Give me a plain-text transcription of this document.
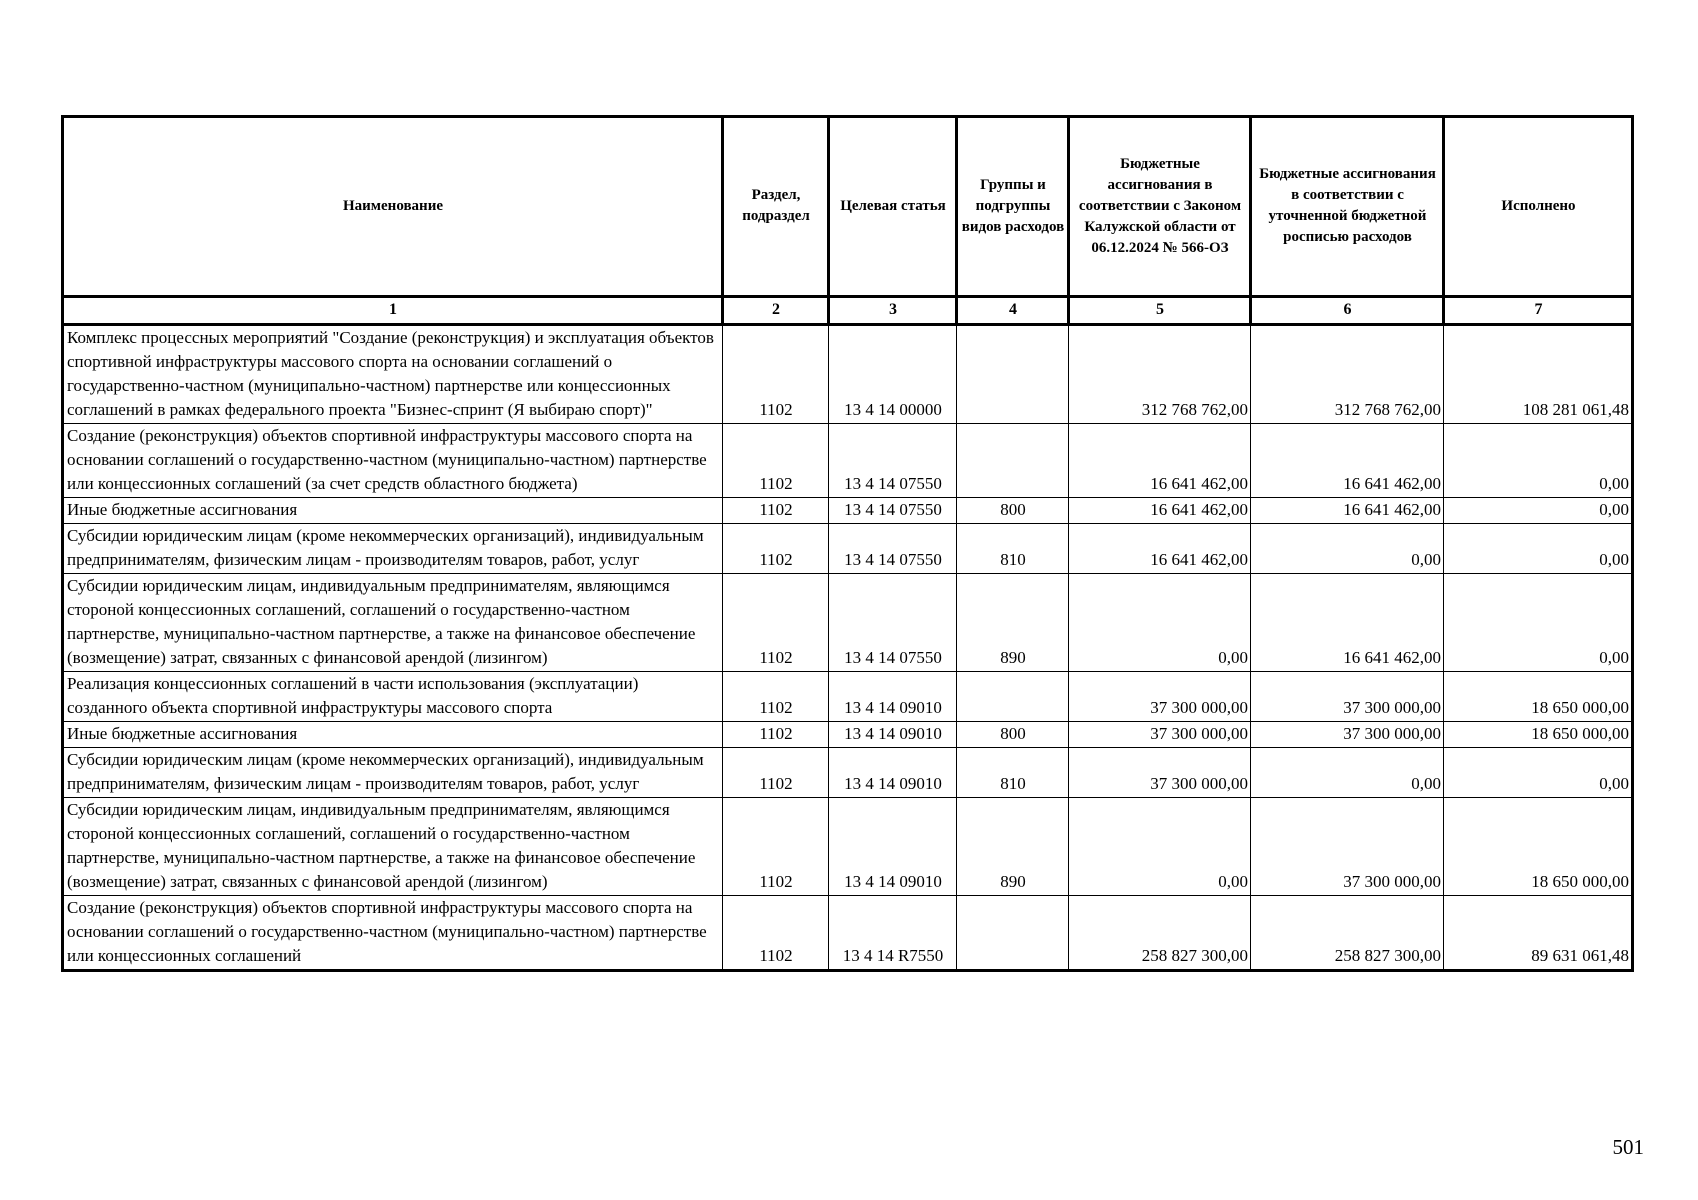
Наименование	Раздел, подраздел	Целевая статья	Группы и подгруппы видов расходов	Бюджетные ассигнования в соответствии с Законом Калужской области от 06.12.2024 № 566-ОЗ	Бюджетные ассигнования в соответствии с уточненной бюджетной росписью расходов	Исполнено
1	2	3	4	5	6	7
Комплекс процессных мероприятий "Создание (реконструкция) и эксплуатация объектов спортивной инфраструктуры массового спорта на основании соглашений о государственно-частном (муниципально-частном) партнерстве или концессионных соглашений в рамках федерального проекта "Бизнес-спринт (Я выбираю спорт)"	1102	13 4 14 00000		312 768 762,00	312 768 762,00	108 281 061,48
Создание (реконструкция) объектов спортивной инфраструктуры массового спорта на основании соглашений о государственно-частном (муниципально-частном) партнерстве или концессионных соглашений (за счет средств областного бюджета)	1102	13 4 14 07550		16 641 462,00	16 641 462,00	0,00
Иные бюджетные ассигнования	1102	13 4 14 07550	800	16 641 462,00	16 641 462,00	0,00
Субсидии юридическим лицам (кроме некоммерческих организаций), индивидуальным предпринимателям, физическим лицам - производителям товаров, работ, услуг	1102	13 4 14 07550	810	16 641 462,00	0,00	0,00
Субсидии юридическим лицам, индивидуальным предпринимателям, являющимся стороной концессионных соглашений, соглашений о государственно-частном партнерстве, муниципально-частном партнерстве, а также на финансовое обеспечение (возмещение) затрат, связанных с финансовой арендой (лизингом)	1102	13 4 14 07550	890	0,00	16 641 462,00	0,00
Реализация концессионных соглашений в части использования (эксплуатации) созданного объекта спортивной инфраструктуры массового спорта	1102	13 4 14 09010		37 300 000,00	37 300 000,00	18 650 000,00
Иные бюджетные ассигнования	1102	13 4 14 09010	800	37 300 000,00	37 300 000,00	18 650 000,00
Субсидии юридическим лицам (кроме некоммерческих организаций), индивидуальным предпринимателям, физическим лицам - производителям товаров, работ, услуг	1102	13 4 14 09010	810	37 300 000,00	0,00	0,00
Субсидии юридическим лицам, индивидуальным предпринимателям, являющимся стороной концессионных соглашений, соглашений о государственно-частном партнерстве, муниципально-частном партнерстве, а также на финансовое обеспечение (возмещение) затрат, связанных с финансовой арендой (лизингом)	1102	13 4 14 09010	890	0,00	37 300 000,00	18 650 000,00
Создание (реконструкция) объектов спортивной инфраструктуры массового спорта на основании соглашений о государственно-частном (муниципально-частном) партнерстве или концессионных соглашений	1102	13 4 14 R7550		258 827 300,00	258 827 300,00	89 631 061,48
501
